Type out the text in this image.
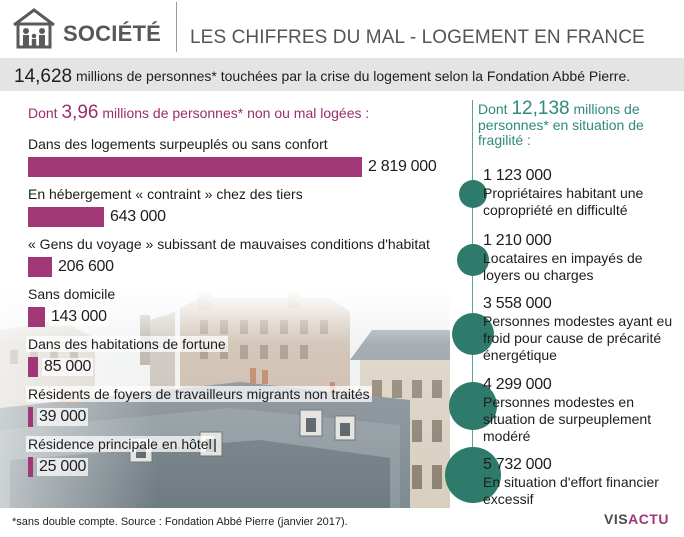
SOCIÉTÉ LES CHIFFRES DU MAL - LOGEMENT EN FRANCE
14,628 millions de personnes* touchées par la crise du logement selon la Fondation Abbé Pierre.
Dont 3,96 millions de personnes* non ou mal logées :
Dans des logements surpeuplés ou sans confort
2 819 000
En hébergement « contraint » chez des tiers
643 000
« Gens du voyage » subissant de mauvaises conditions d'habitat
206 600
Sans domicile
143 000
Dans des habitations de fortune
85 000
Résidents de foyers de travailleurs migrants non traités
39 000
Résidence principale en hôtel
25 000
Dont 12,138 millions de personnes* en situation de fragilité :
1 123 000
Propriétaires habitant une copropriété en difficulté
1 210 000
Locataires en impayés de loyers ou charges
3 558 000
Personnes modestes ayant eu froid pour cause de précarité énergétique
4 299 000
Personnes modestes en situation de surpeuplement modéré
5 732 000
En situation d'effort financier excessif
*sans double compte. Source : Fondation Abbé Pierre (janvier 2017).	VISACTU
